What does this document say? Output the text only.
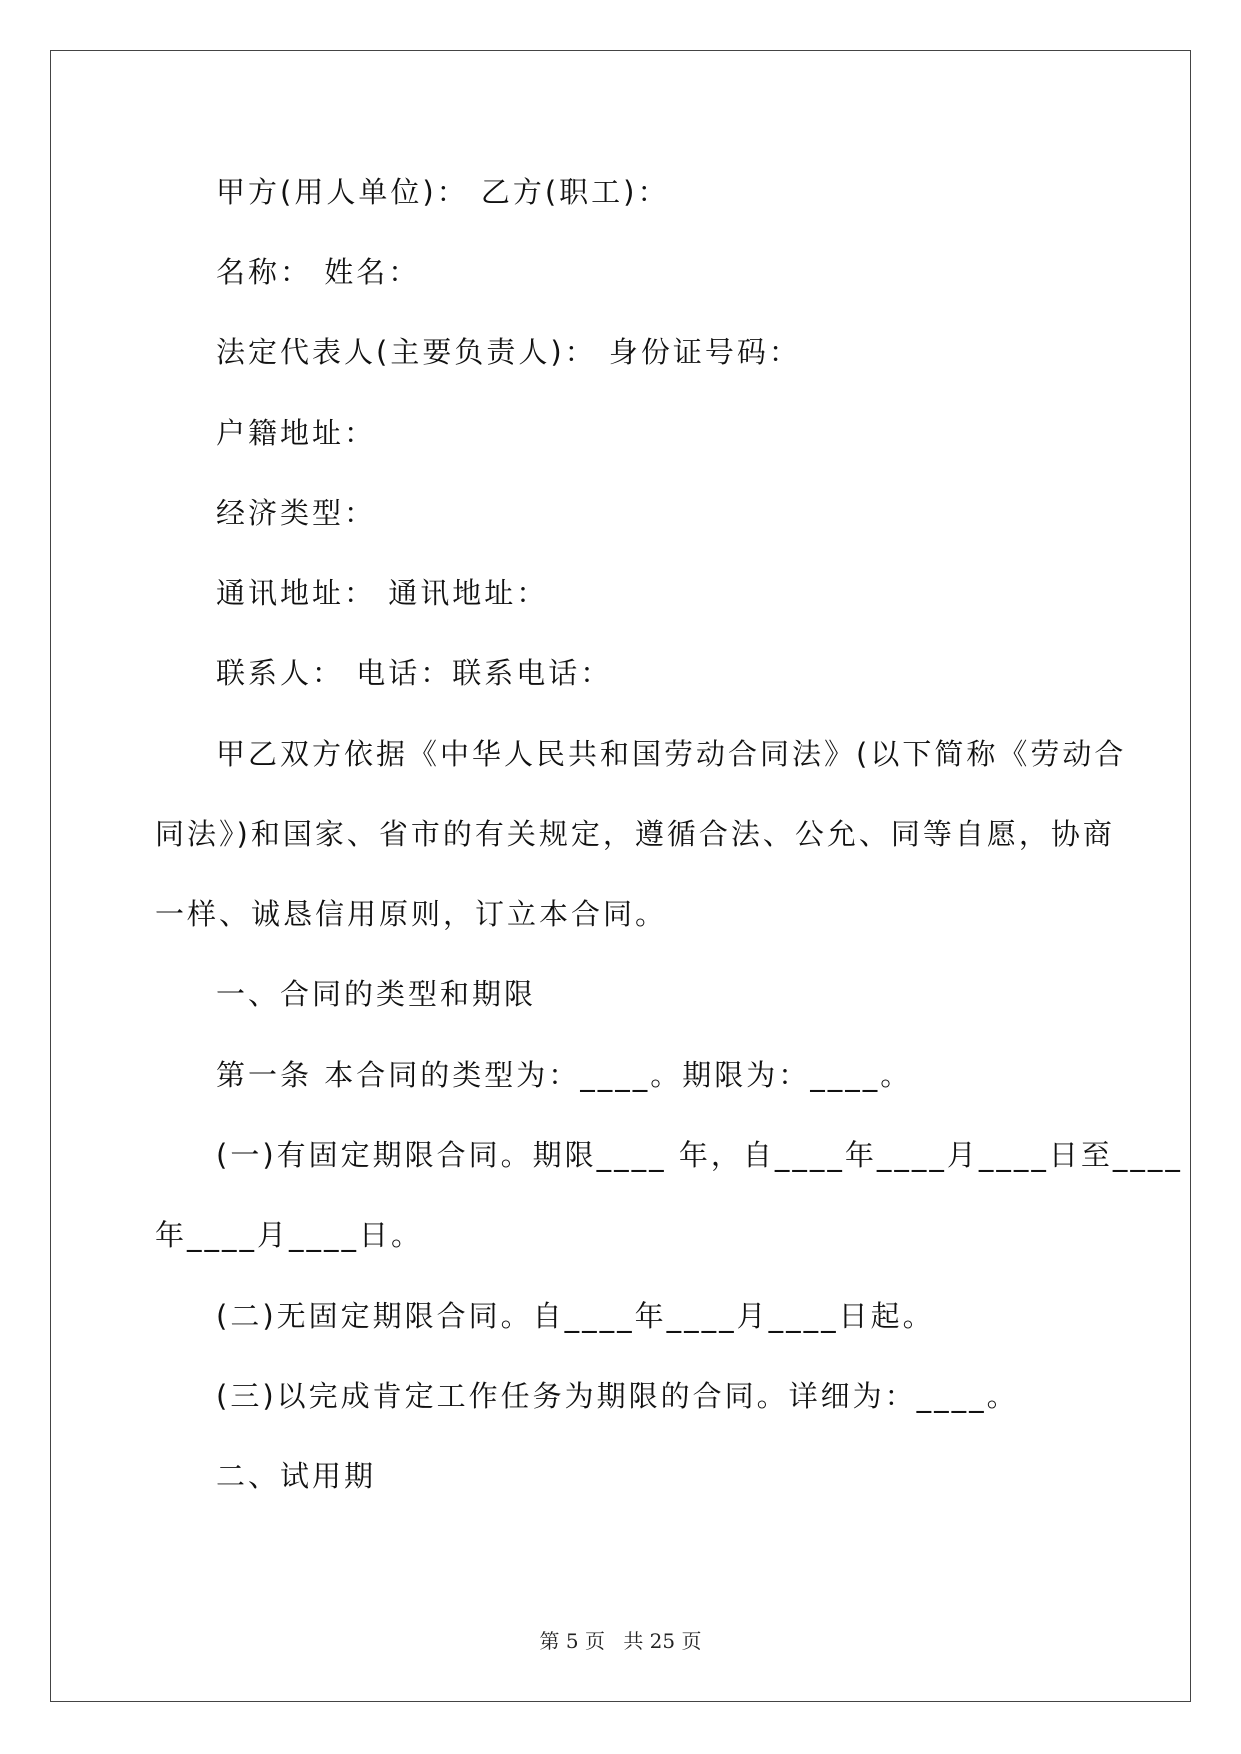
甲方(用人单位)： 乙方(职工)：
名称： 姓名：
法定代表人(主要负责人)： 身份证号码：
户籍地址：
经济类型：
通讯地址： 通讯地址：
联系人： 电话：联系电话：
甲乙双方依据《中华人民共和国劳动合同法》(以下简称《劳动合
同法》)和国家、省市的有关规定，遵循合法、公允、同等自愿，协商
一样、诚恳信用原则，订立本合同。
一、合同的类型和期限
第一条 本合同的类型为：____。期限为：____。
(一)有固定期限合同。期限____ 年，自____年____月____日至____
年____月____日。
(二)无固定期限合同。自____年____月____日起。
(三)以完成肯定工作任务为期限的合同。详细为：____。
二、试用期
第 5 页 共 25 页
